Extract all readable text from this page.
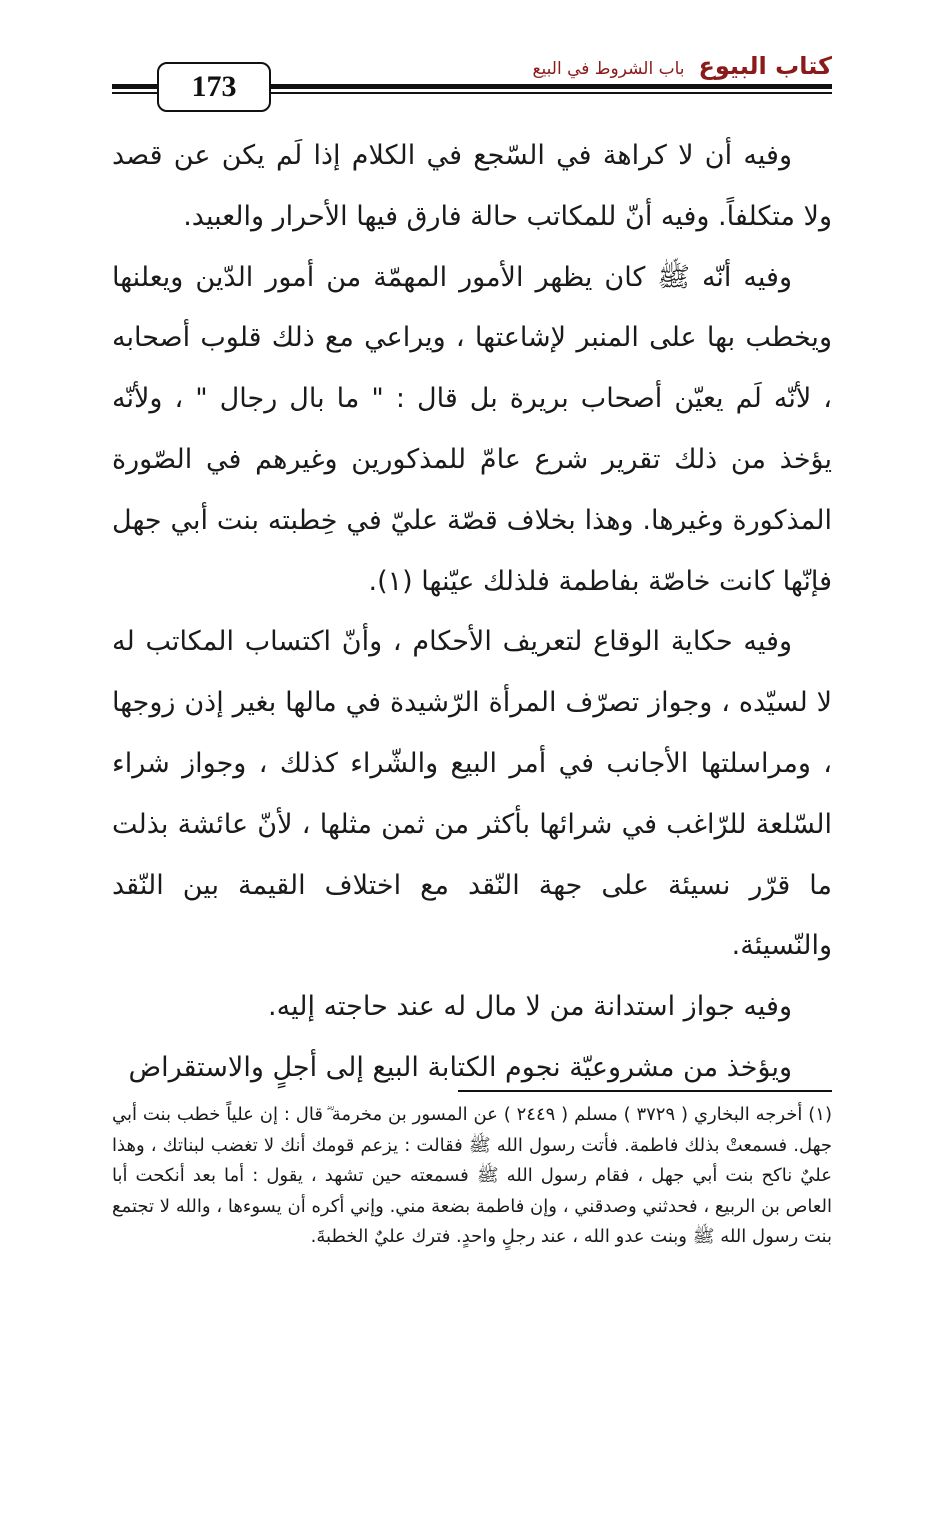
173
كتاب البيوع
باب الشروط في البيع

وفيه أن لا كراهة في السّجع في الكلام إذا لَم يكن عن قصد ولا متكلفاً. وفيه أنّ للمكاتب حالة فارق فيها الأحرار والعبيد.

وفيه أنّه ﷺ كان يظهر الأمور المهمّة من أمور الدّين ويعلنها ويخطب بها على المنبر لإشاعتها ، ويراعي مع ذلك قلوب أصحابه ، لأنّه لَم يعيّن أصحاب بريرة بل قال : " ما بال رجال " ، ولأنّه يؤخذ من ذلك تقرير شرع عامّ للمذكورين وغيرهم في الصّورة المذكورة وغيرها. وهذا بخلاف قصّة عليّ في خِطبته بنت أبي جهل فإنّها كانت خاصّة بفاطمة فلذلك عيّنها (١).

وفيه حكاية الوقاع لتعريف الأحكام ، وأنّ اكتساب المكاتب له لا لسيّده ، وجواز تصرّف المرأة الرّشيدة في مالها بغير إذن زوجها ، ومراسلتها الأجانب في أمر البيع والشّراء كذلك ، وجواز شراء السّلعة للرّاغب في شرائها بأكثر من ثمن مثلها ، لأنّ عائشة بذلت ما قرّر نسيئة على جهة النّقد مع اختلاف القيمة بين النّقد والنّسيئة.

وفيه جواز استدانة من لا مال له عند حاجته إليه.

ويؤخذ من مشروعيّة نجوم الكتابة البيع إلى أجلٍ والاستقراض

(١) أخرجه البخاري ( ٣٧٢٩ ) مسلم ( ٢٤٤٩ ) عن المسور بن مخرمة ؓ قال : إن علياً خطب بنت أبي جهل. فسمعتْ بذلك فاطمة. فأتت رسول الله ﷺ فقالت : يزعم قومك أنك لا تغضب لبناتك ، وهذا عليٌ ناكح بنت أبي جهل ، فقام رسول الله ﷺ فسمعته حين تشهد ، يقول : أما بعد أنكحت أبا العاص بن الربيع ، فحدثني وصدقني ، وإن فاطمة بضعة مني. وإني أكره أن يسوءها ، والله لا تجتمع بنت رسول الله ﷺ وبنت عدو الله ، عند رجلٍ واحدٍ. فترك عليٌ الخطبةَ.
